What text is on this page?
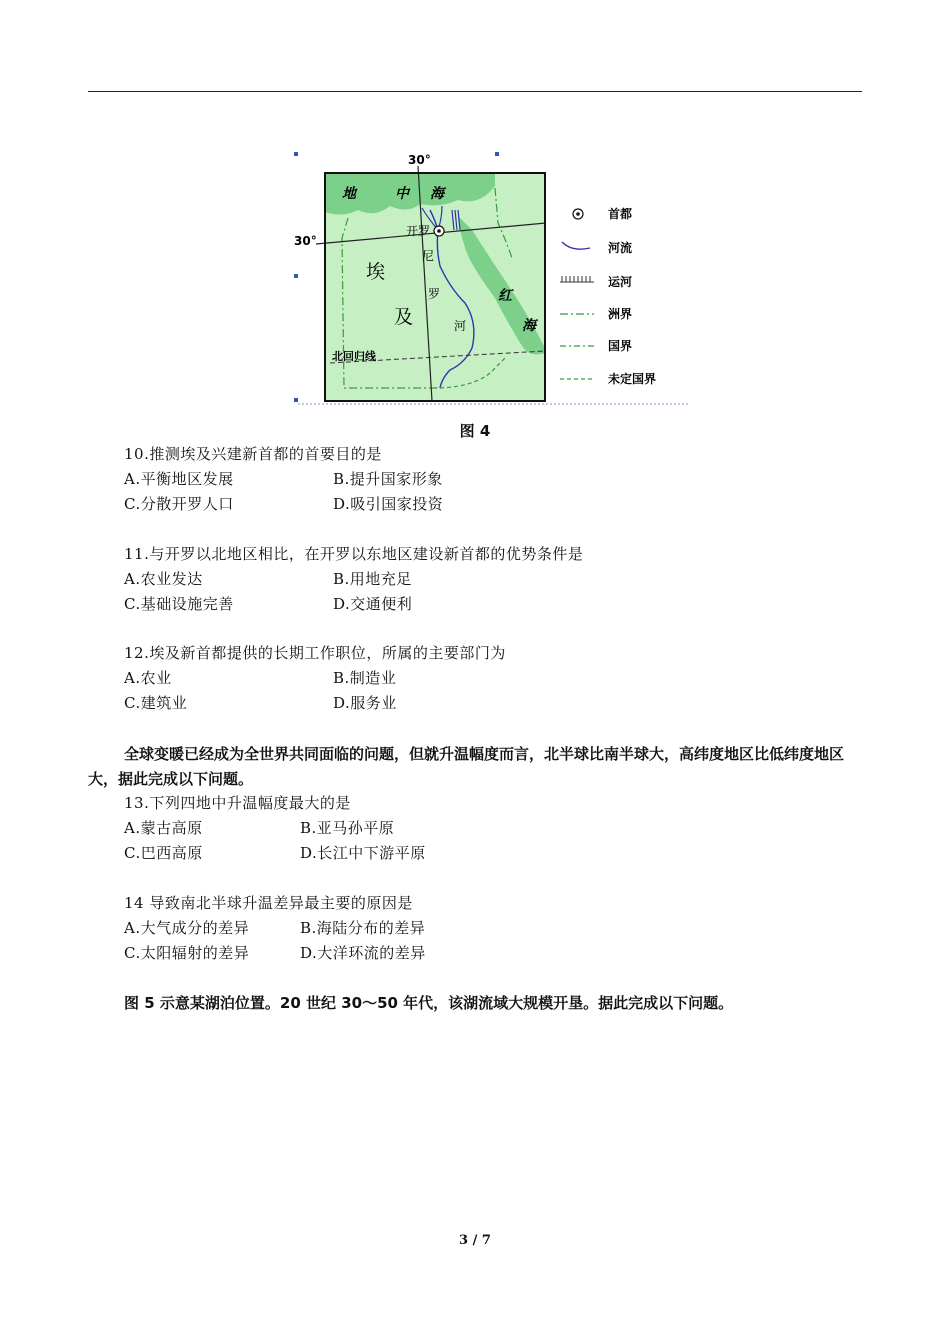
30°
30°
地	中 海
开罗
埃
及
尼
罗
河
红
海
北回归线
首都
河流
运河
洲界
国界
未定国界
图 4
10.推测埃及兴建新首都的首要目的是
A.平衡地区发展	B.提升国家形象
C.分散开罗人口	D.吸引国家投资
11.与开罗以北地区相比，在开罗以东地区建设新首都的优势条件是
A.农业发达	B.用地充足
C.基础设施完善	D.交通便利
12.埃及新首都提供的长期工作职位，所属的主要部门为
A.农业	B.制造业
C.建筑业	D.服务业
全球变暖已经成为全世界共同面临的问题，但就升温幅度而言，北半球比南半球大，高纬度地区比低纬度地区大，据此完成以下问题。
13.下列四地中升温幅度最大的是
A.蒙古高原	B.亚马孙平原
C.巴西高原	D.长江中下游平原
14 导致南北半球升温差异最主要的原因是
A.大气成分的差异	B.海陆分布的差异
C.太阳辐射的差异	D.大洋环流的差异
图 5 示意某湖泊位置。20 世纪 30～50 年代，该湖流域大规模开垦。据此完成以下问题。
3 / 7
